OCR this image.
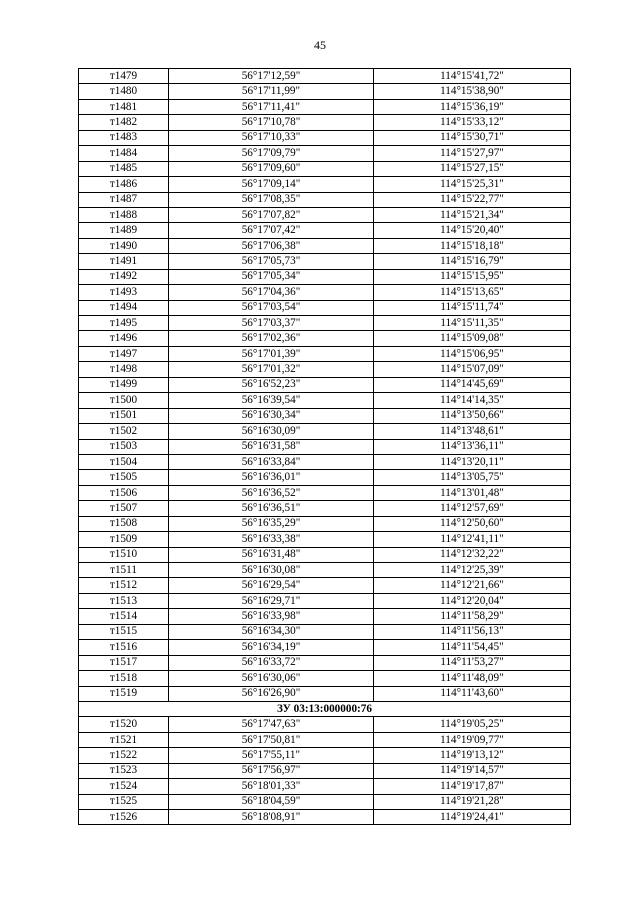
45
т1479	56°17'12,59"	114°15'41,72"
т1480	56°17'11,99"	114°15'38,90"
т1481	56°17'11,41"	114°15'36,19"
т1482	56°17'10,78"	114°15'33,12"
т1483	56°17'10,33"	114°15'30,71"
т1484	56°17'09,79"	114°15'27,97"
т1485	56°17'09,60"	114°15'27,15"
т1486	56°17'09,14"	114°15'25,31"
т1487	56°17'08,35"	114°15'22,77"
т1488	56°17'07,82"	114°15'21,34"
т1489	56°17'07,42"	114°15'20,40"
т1490	56°17'06,38"	114°15'18,18"
т1491	56°17'05,73"	114°15'16,79"
т1492	56°17'05,34"	114°15'15,95"
т1493	56°17'04,36"	114°15'13,65"
т1494	56°17'03,54"	114°15'11,74"
т1495	56°17'03,37"	114°15'11,35"
т1496	56°17'02,36"	114°15'09,08"
т1497	56°17'01,39"	114°15'06,95"
т1498	56°17'01,32"	114°15'07,09"
т1499	56°16'52,23"	114°14'45,69"
т1500	56°16'39,54"	114°14'14,35"
т1501	56°16'30,34"	114°13'50,66"
т1502	56°16'30,09"	114°13'48,61"
т1503	56°16'31,58"	114°13'36,11"
т1504	56°16'33,84"	114°13'20,11"
т1505	56°16'36,01"	114°13'05,75"
т1506	56°16'36,52"	114°13'01,48"
т1507	56°16'36,51"	114°12'57,69"
т1508	56°16'35,29"	114°12'50,60"
т1509	56°16'33,38"	114°12'41,11"
т1510	56°16'31,48"	114°12'32,22"
т1511	56°16'30,08"	114°12'25,39"
т1512	56°16'29,54"	114°12'21,66"
т1513	56°16'29,71"	114°12'20,04"
т1514	56°16'33,98"	114°11'58,29"
т1515	56°16'34,30"	114°11'56,13"
т1516	56°16'34,19"	114°11'54,45"
т1517	56°16'33,72"	114°11'53,27"
т1518	56°16'30,06"	114°11'48,09"
т1519	56°16'26,90"	114°11'43,60"
ЗУ 03:13:000000:76		
т1520	56°17'47,63"	114°19'05,25"
т1521	56°17'50,81"	114°19'09,77"
т1522	56°17'55,11"	114°19'13,12"
т1523	56°17'56,97"	114°19'14,57"
т1524	56°18'01,33"	114°19'17,87"
т1525	56°18'04,59"	114°19'21,28"
т1526	56°18'08,91"	114°19'24,41"
